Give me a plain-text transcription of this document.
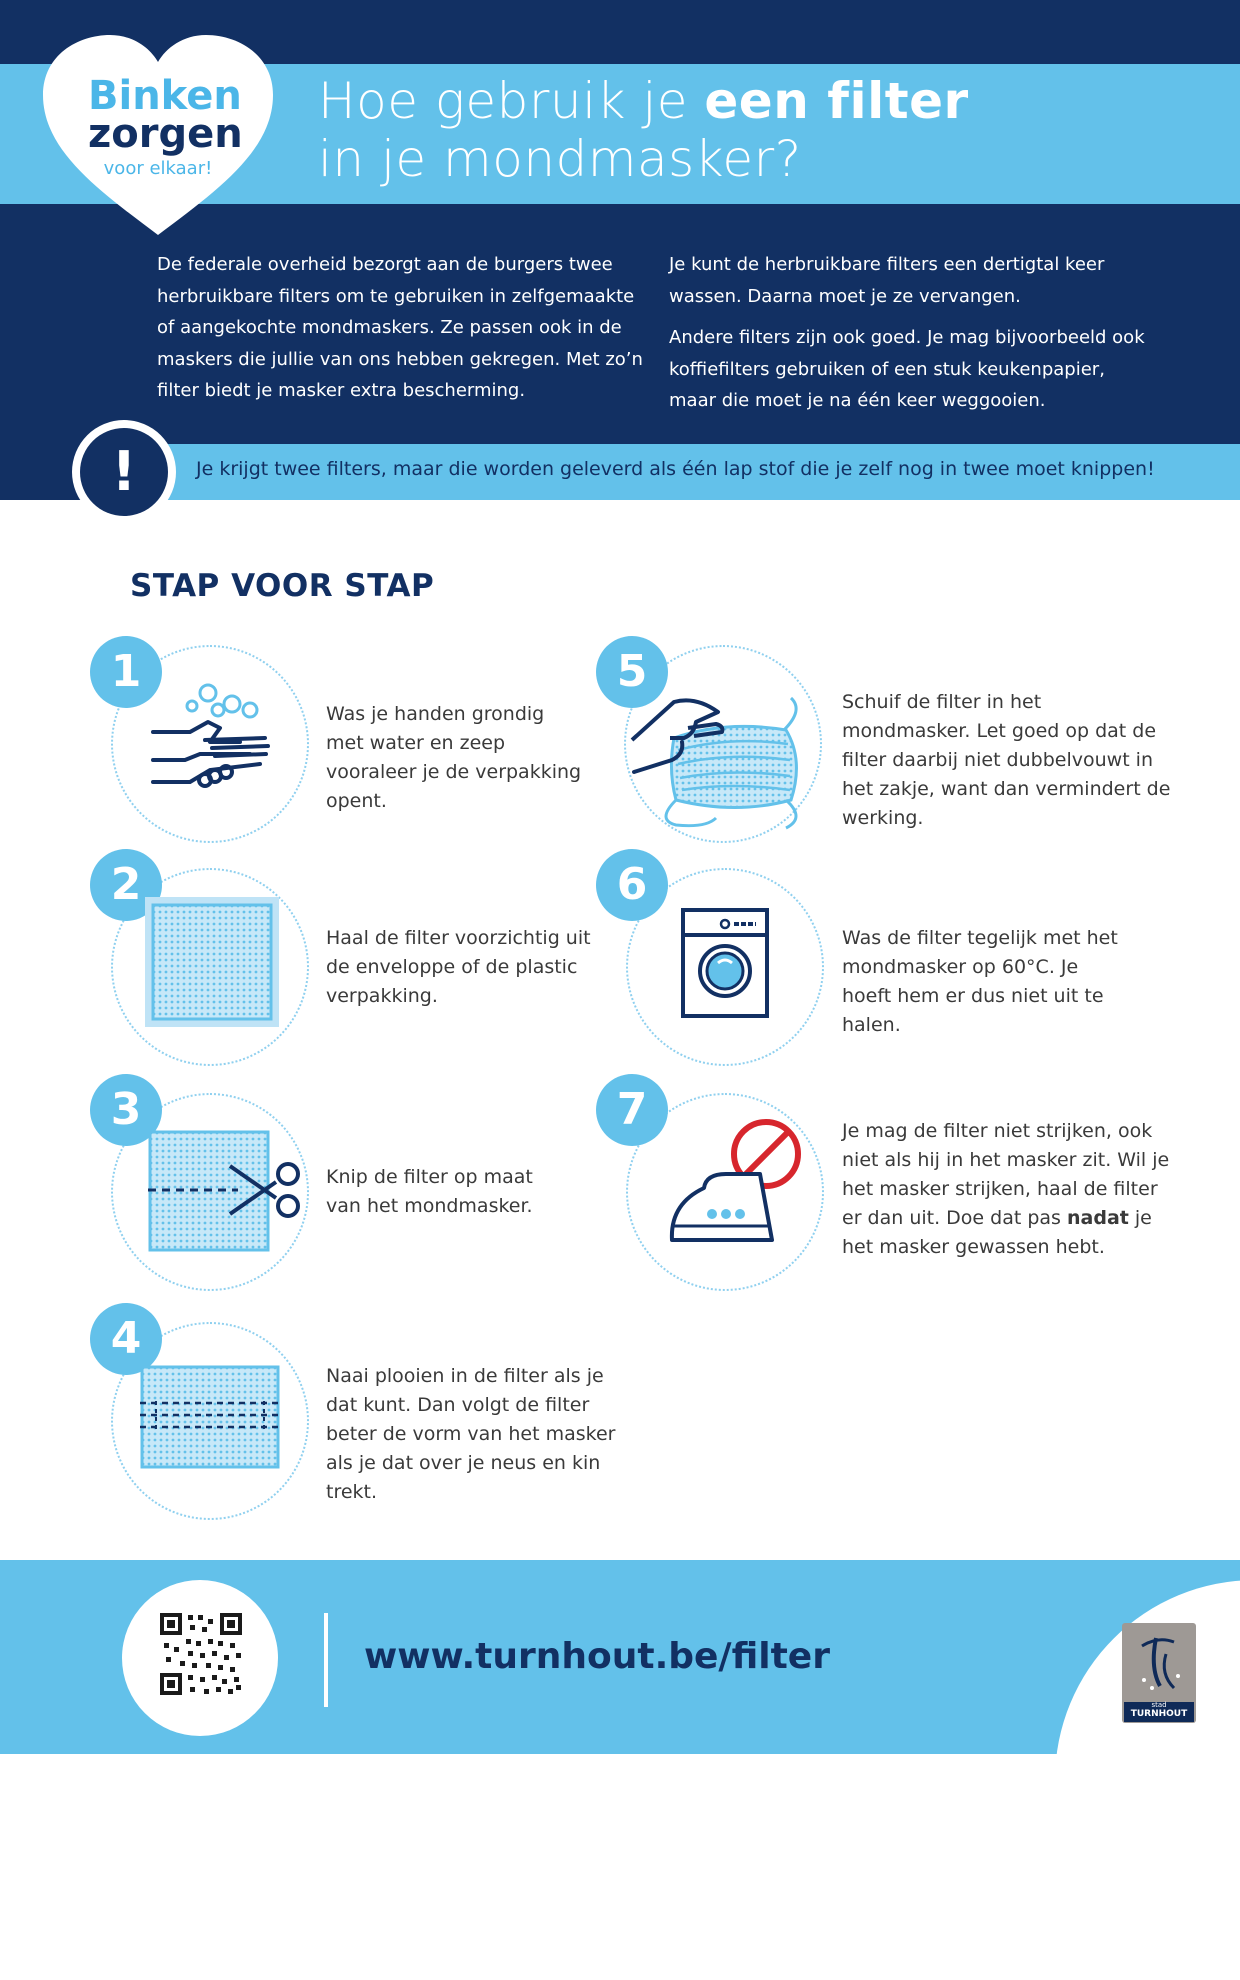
Binken
zorgen
voor elkaar!
Hoe gebruik je een filter
in je mondmasker?

De federale overheid bezorgt aan de burgers twee herbruikbare filters om te gebruiken in zelfgemaakte of aangekochte mondmaskers. Ze passen ook in de maskers die jullie van ons hebben gekregen. Met zo’n filter biedt je masker extra bescherming.

Je kunt de herbruikbare filters een dertigtal keer wassen. Daarna moet je ze vervangen.

Andere filters zijn ook goed. Je mag bijvoorbeeld ook koffiefilters gebruiken of een stuk keukenpapier, maar die moet je na één keer weggooien.

!	Je krijgt twee filters, maar die worden geleverd als één lap stof die je zelf nog in twee moet knippen!
STAP VOOR STAP
1
Was je handen grondig met water en zeep vooraleer je de verpakking opent.
2
Haal de filter voorzichtig uit de enveloppe of de plastic verpakking.
3
Knip de filter op maat van het mondmasker.
4
Naai plooien in de filter als je dat kunt. Dan volgt de filter beter de vorm van het masker als je dat over je neus en kin trekt.
5
Schuif de filter in het mondmasker. Let goed op dat de filter daarbij niet dubbelvouwt in het zakje, want dan vermindert de werking.
6
Was de filter tegelijk met het mondmasker op 60°C. Je hoeft hem er dus niet uit te halen.
7	Je mag de filter niet strijken, ook niet als hij in het masker zit. Wil je het masker strijken, haal de filter er dan uit. Doe dat pas nadat je het masker gewassen hebt.
www.turnhout.be/filter
stad
TURNHOUT
